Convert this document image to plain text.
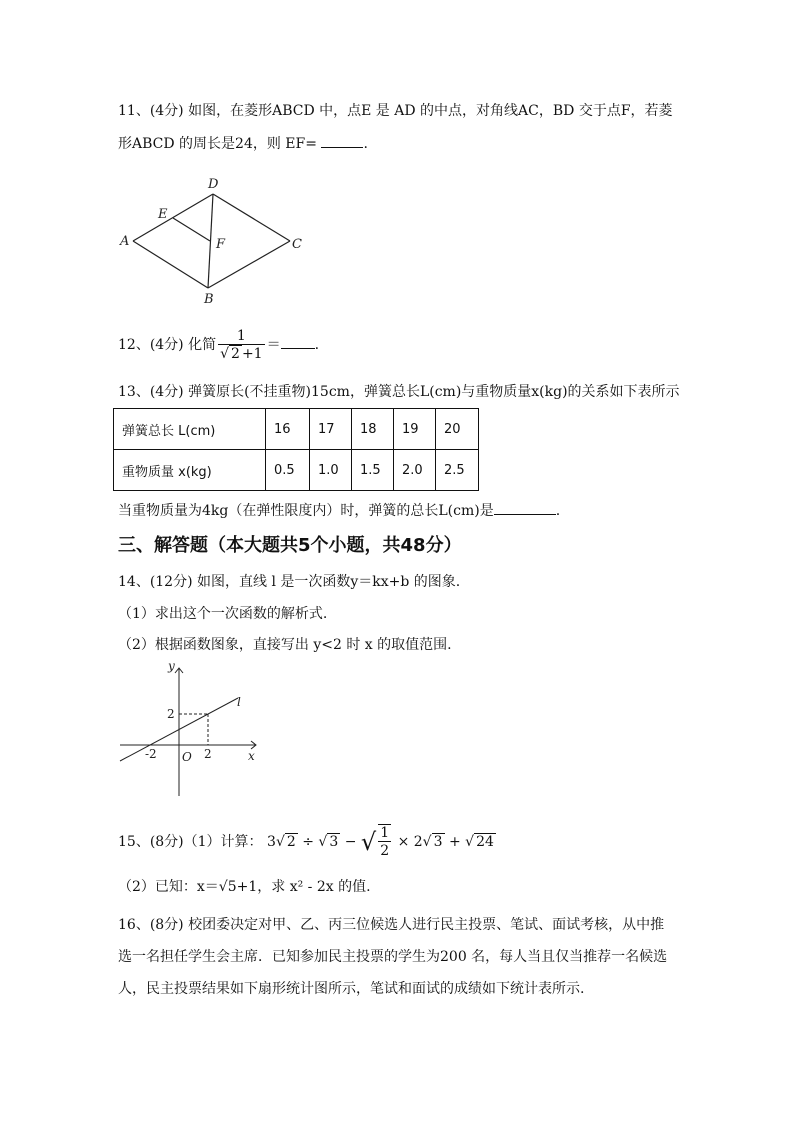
11、(4分) 如图，在菱形ABCD 中，点E 是 AD 的中点，对角线AC，BD 交于点F，若菱
形ABCD 的周长是24，则 EF=	.
A
D
E
F	C
B
12、(4分) 化简 $\frac{1}{√ 2 +1}$ ＝ .
13、(4分) 弹簧原长(不挂重物)15cm，弹簧总长L(cm)与重物质量x(kg)的关系如下表所示
弹簧总长 L(cm)	16	17	18	19	20
重物质量 x(kg)	0.5	1.0	1.5	2.0	2.5
当重物质量为4kg（在弹性限度内）时，弹簧的总长L(cm)是	.
三、解答题（本大题共5个小题，共48分）
14、(12分) 如图，直线 l 是一次函数y＝kx+b 的图象.
（1）求出这个一次函数的解析式.
（2）根据函数图象，直接写出 y<2 时 x 的取值范围.
y
x
O
l
2
-2	2
15、(8分)（1）计算： 3√ 2 ÷ √ 3 − √ $\frac{1}{2} \times 2√$ 3 + √ 24
（2）已知：x＝√5+1，求 x² - 2x 的值.
16、(8分) 校团委决定对甲、乙、丙三位候选人进行民主投票、笔试、面试考核，从中推
选一名担任学生会主席．已知参加民主投票的学生为200 名，每人当且仅当推荐一名候选
人，民主投票结果如下扇形统计图所示，笔试和面试的成绩如下统计表所示.
